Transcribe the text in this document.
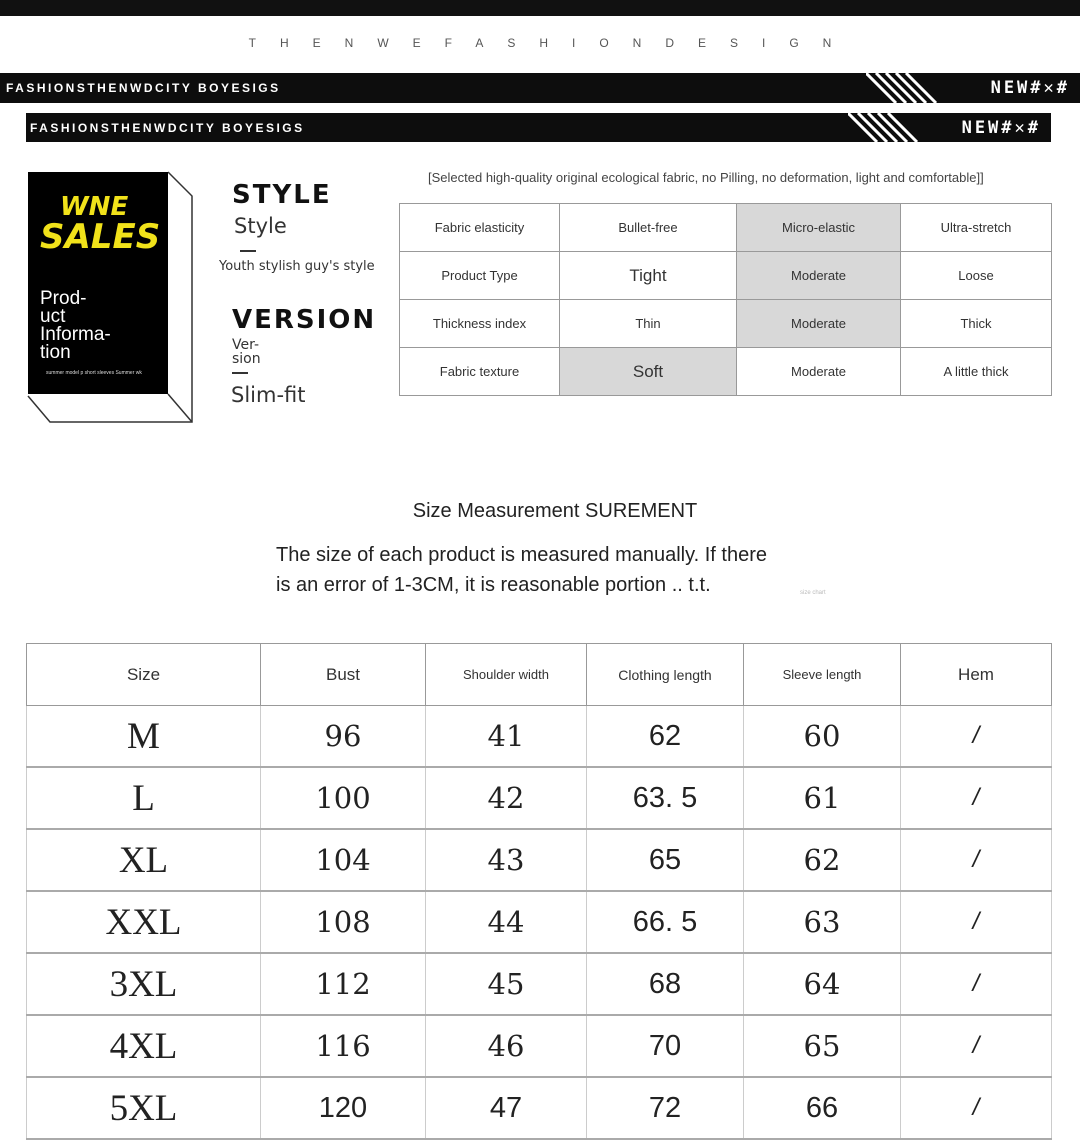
THENWEFASHIONDESIGN
FASHIONSTHENWDCITY BOYESIGS	NEW#✕#
FASHIONSTHENWDCITY BOYESIGS	NEW#✕#
WNE
SALES
Prod-
uct
Informa-
tion
summer model p short sleeves Summer wk
STYLE
Style
Youth stylish guy's style
VERSION
Ver-
sion
Slim-fit
[Selected high-quality original ecological fabric, no Pilling, no deformation, light and comfortable]]
Fabric elasticity	Bullet-free	Micro-elastic	Ultra-stretch
Product Type	Tight	Moderate	Loose
Thickness index	Thin	Moderate	Thick
Fabric texture	Soft	Moderate	A little thick
Size Measurement SUREMENT
The size of each product is measured manually. If there
is an error of 1-3CM, it is reasonable portion .. t.t.	size chart
Size	Bust	Shoulder width	Clothing length	Sleeve length	Hem
M	96	41	62	60	/
L	100	42	63. 5	61	/
XL	104	43	65	62	/
XXL	108	44	66. 5	63	/
3XL	112	45	68	64	/
4XL	116	46	70	65	/
5XL	120	47	72	66	/
